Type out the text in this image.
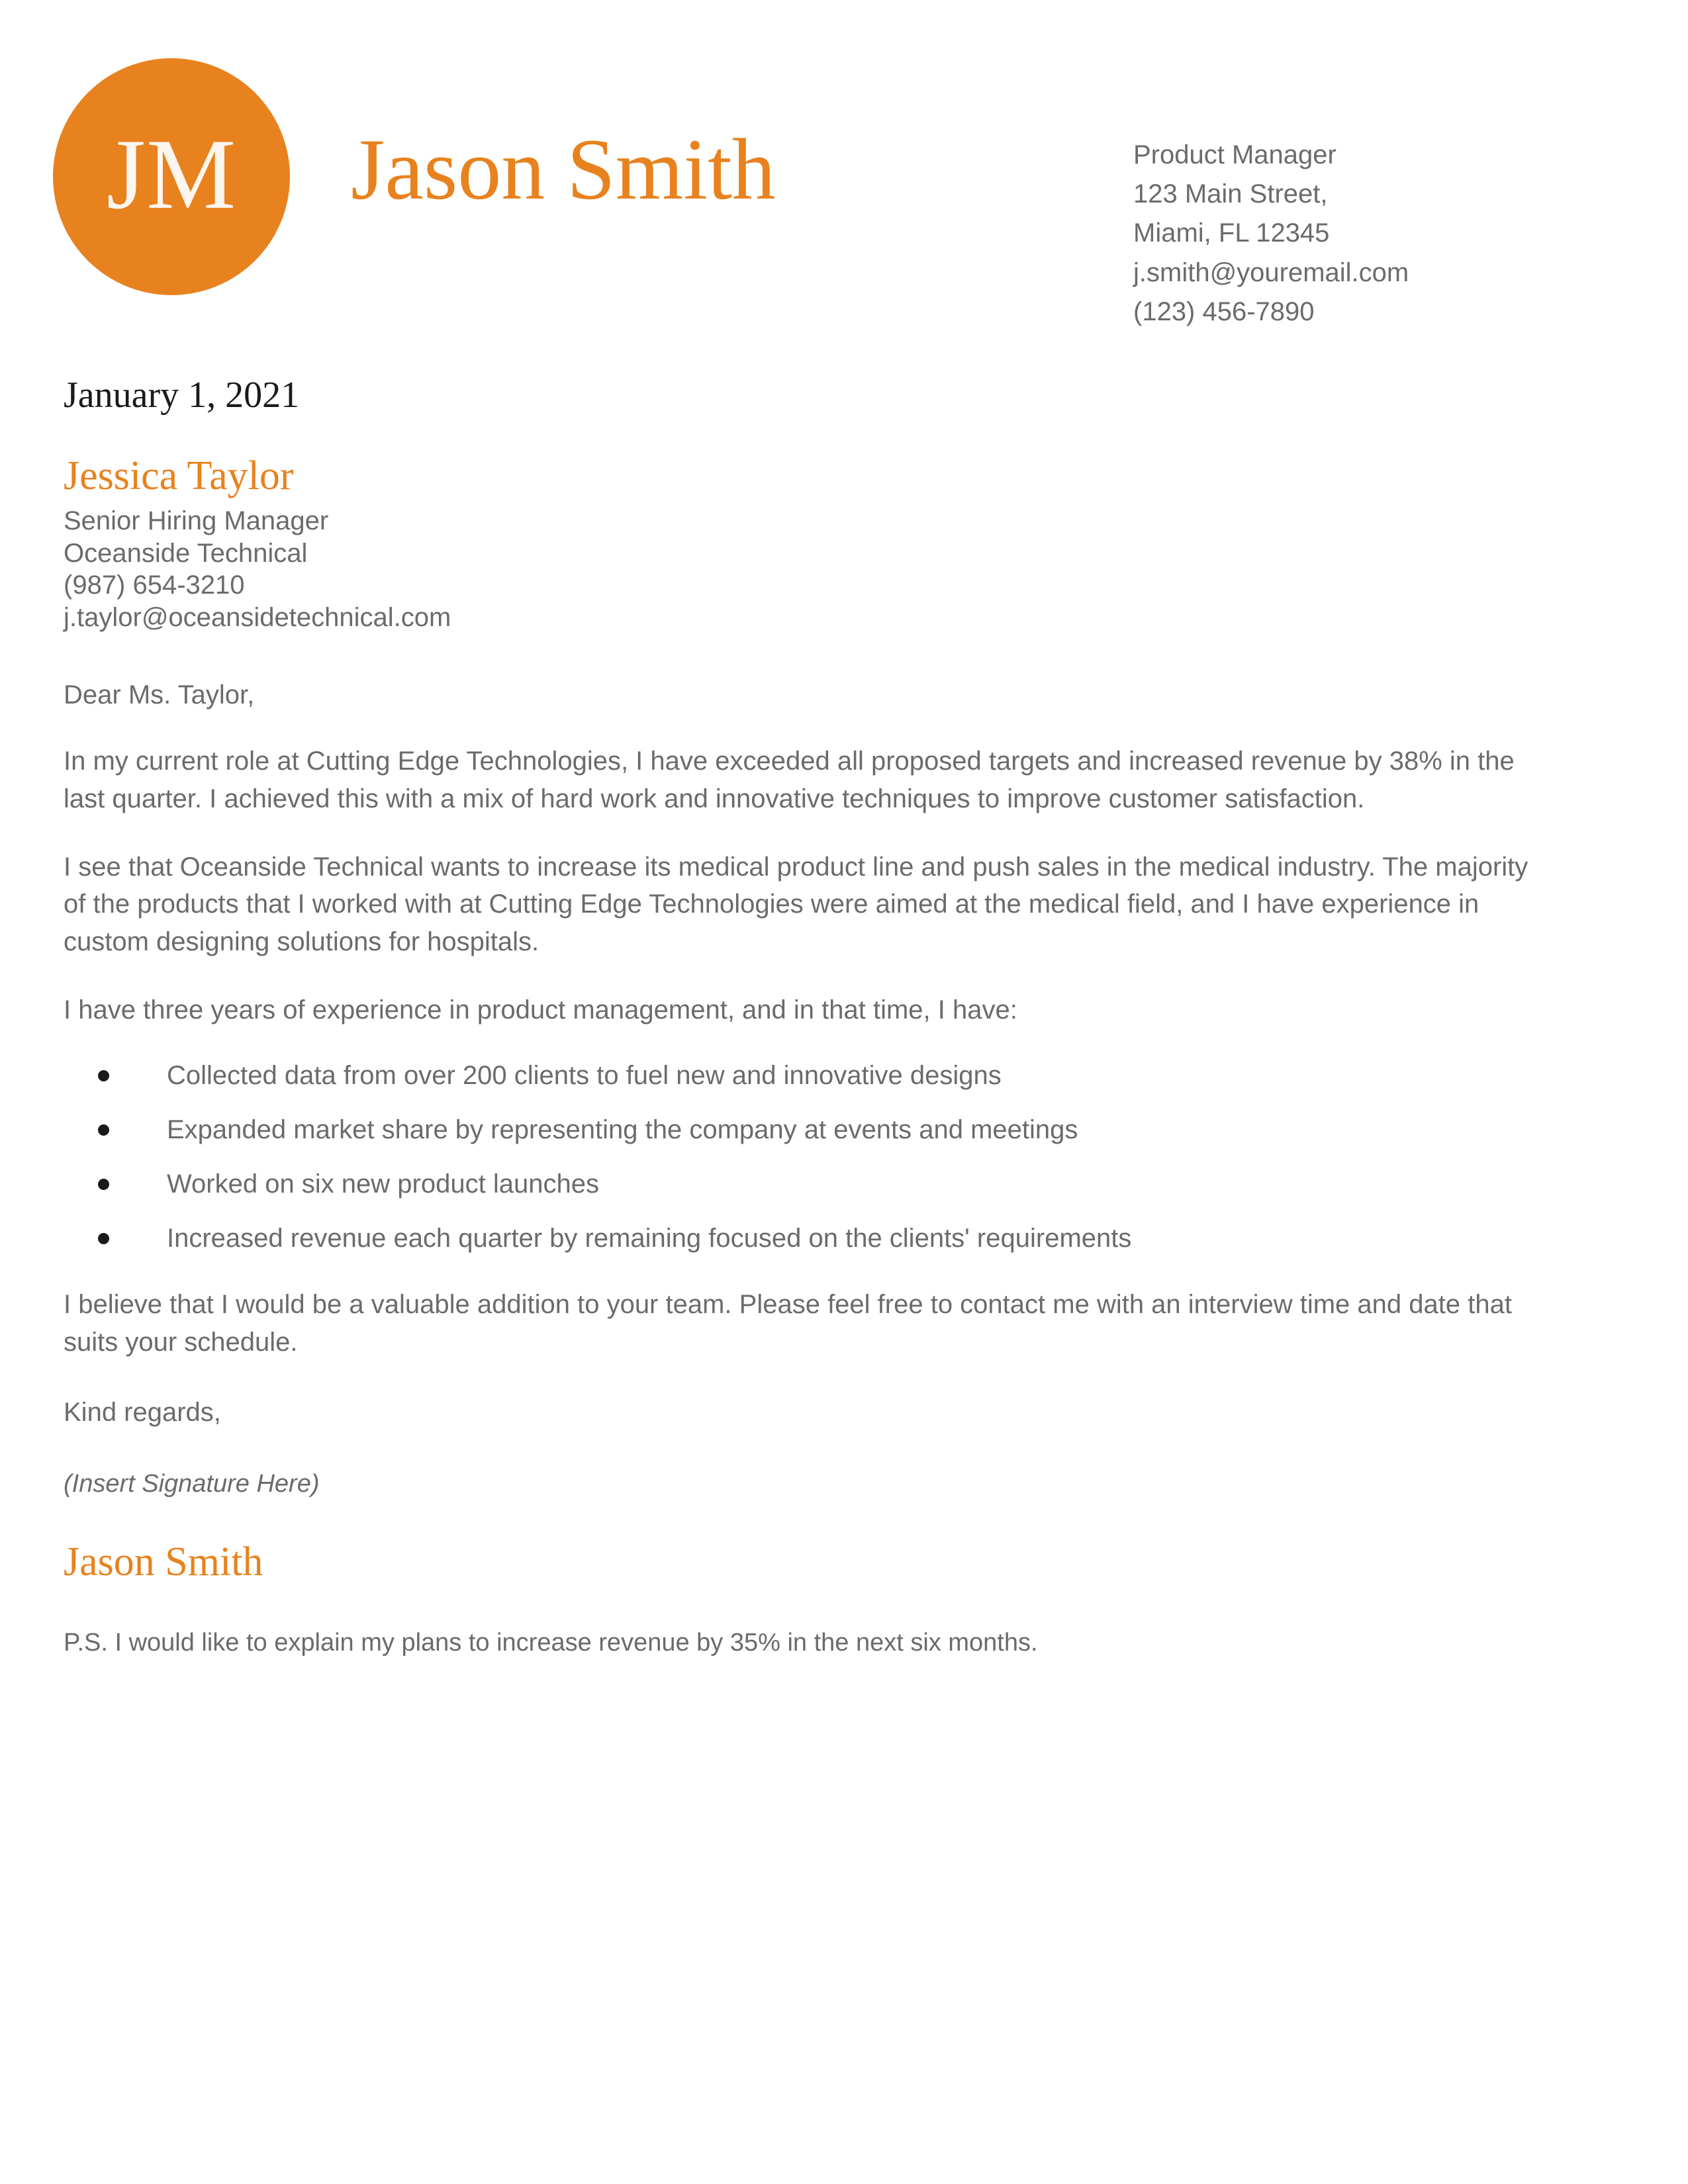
JM Jason Smith	Product Manager
123 Main Street,
Miami, FL 12345
j.smith@youremail.com
(123) 456-7890

January 1, 2021

Jessica Taylor

Senior Hiring Manager
Oceanside Technical
(987) 654-3210
j.taylor@oceansidetechnical.com

Dear Ms. Taylor,

In my current role at Cutting Edge Technologies, I have exceeded all proposed targets and increased revenue by 38% in the last quarter. I achieved this with a mix of hard work and innovative techniques to improve customer satisfaction.

I see that Oceanside Technical wants to increase its medical product line and push sales in the medical industry. The majority of the products that I worked with at Cutting Edge Technologies were aimed at the medical field, and I have experience in custom designing solutions for hospitals.

I have three years of experience in product management, and in that time, I have:

Collected data from over 200 clients to fuel new and innovative designs
Expanded market share by representing the company at events and meetings
Worked on six new product launches
Increased revenue each quarter by remaining focused on the clients' requirements

I believe that I would be a valuable addition to your team. Please feel free to contact me with an interview time and date that suits your schedule.

Kind regards,

(Insert Signature Here)

Jason Smith

P.S. I would like to explain my plans to increase revenue by 35% in the next six months.
